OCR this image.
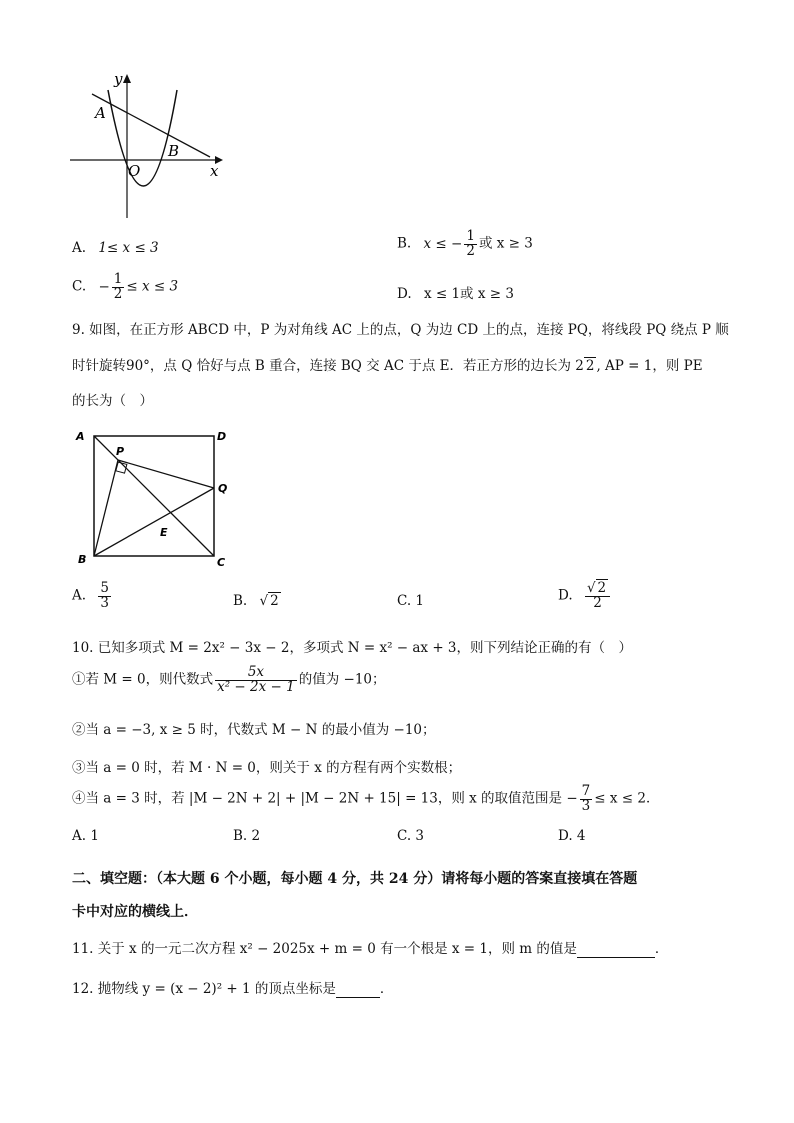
y
A
B
O	x
A. 1≤ x ≤ 3	B. x ≤ − $\frac{1}{2}$ 或 x ≥ 3
C. − $\frac{1}{2} \le x \le 3$	D. x ≤ 1或 x ≥ 3
9. 如图，在正方形 ABCD 中，P 为对角线 AC 上的点，Q 为边 CD 上的点，连接 PQ，将线段 PQ 绕点 P 顺
时针旋转90°，点 Q 恰好与点 B 重合，连接 BQ 交 AC 于点 E．若正方形的边长为 2 2 , AP = 1，则 PE
的长为（　）
A	D
P
Q
E
B	C
A. $\frac{5}{3}$	B. √ 2	C. 1	D. $\frac{√ 2}{2}$
10. 已知多项式 M = 2x² − 3x − 2，多项式 N = x² − ax + 3，则下列结论正确的有（　）
①若 M = 0，则代数式 $\frac{5x}{\text{x² − 2x − 1}}$ 的值为 −10；
②当 a = −3, x ≥ 5 时，代数式 M − N 的最小值为 −10；
③当 a = 0 时，若 M · N = 0，则关于 x 的方程有两个实数根；
④当 a = 3 时，若 |M − 2N + 2| + |M − 2N + 15| = 13，则 x 的取值范围是 − $\frac{7}{3} \le x \le 2$．
A. 1	B. 2	C. 3	D. 4
二、填空题：（本大题 6 个小题，每小题 4 分，共 24 分）请将每小题的答案直接填在答题
卡中对应的横线上．
11. 关于 x 的一元二次方程 x² − 2025x + m = 0 有一个根是 x = 1，则 m 的值是	．
12. 抛物线 y = (x − 2)² + 1 的顶点坐标是	．
